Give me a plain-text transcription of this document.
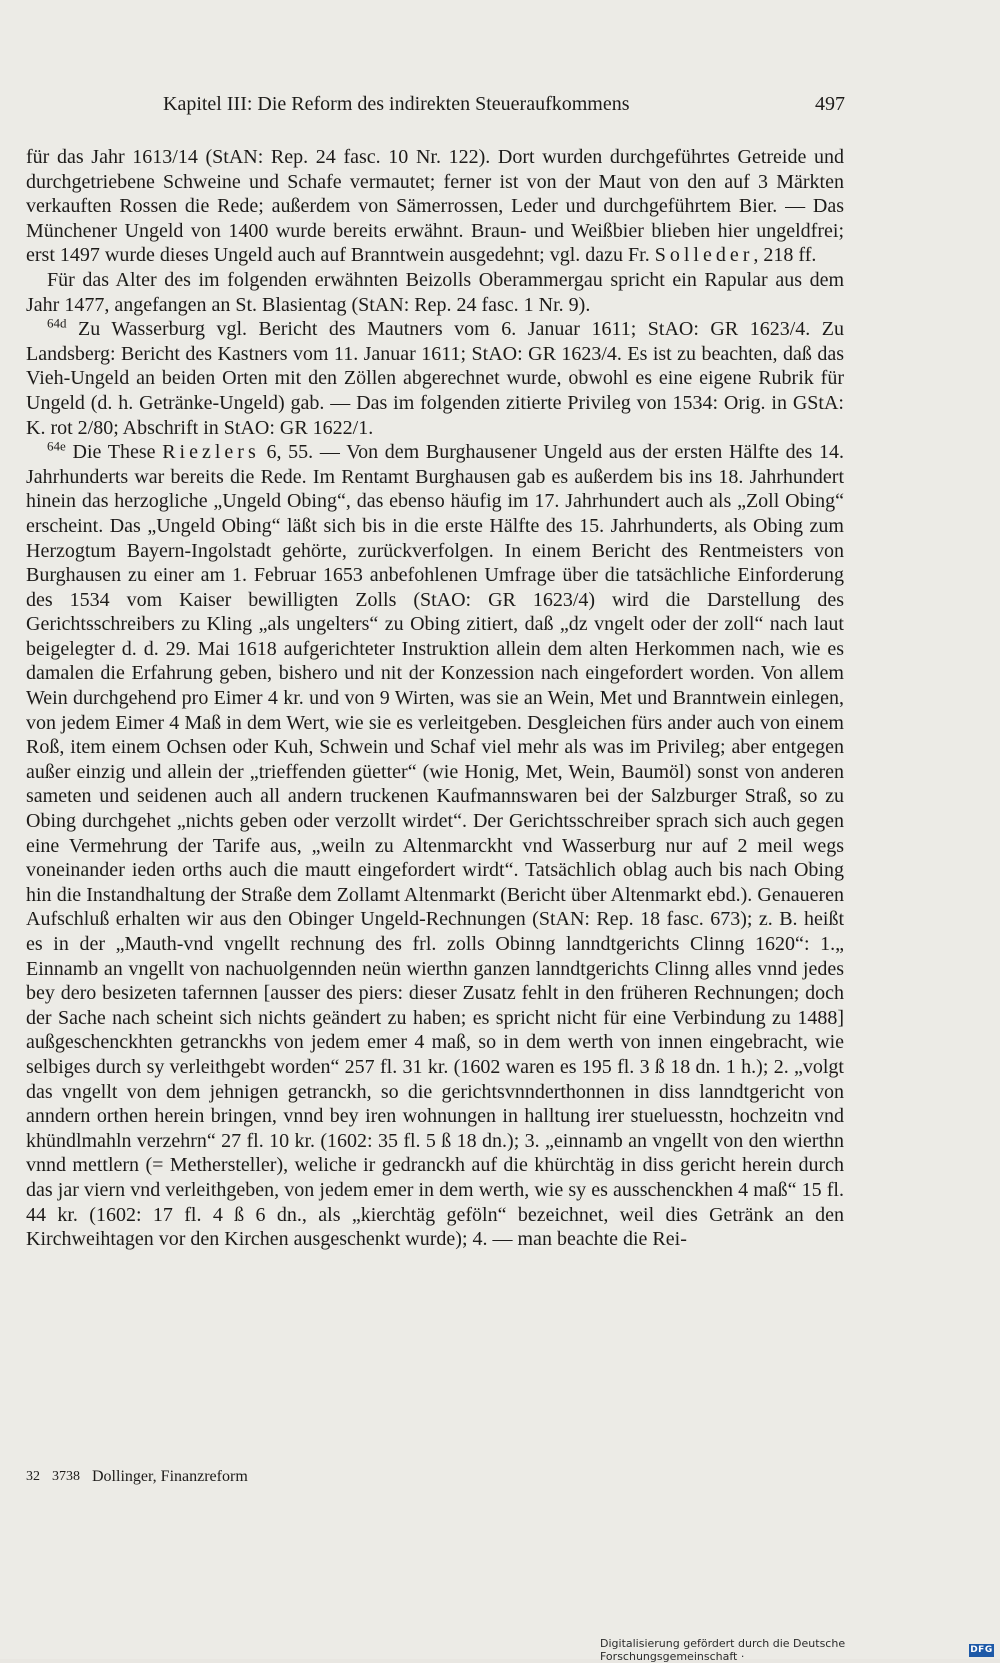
Kapitel III: Die Reform des indirekten Steueraufkommens	497

für das Jahr 1613/14 (StAN: Rep. 24 fasc. 10 Nr. 122). Dort wurden durchgeführtes Getreide und durchgetriebene Schweine und Schafe vermautet; ferner ist von der Maut von den auf 3 Märkten verkauften Rossen die Rede; außerdem von Sämerrossen, Leder und durchgeführtem Bier. — Das Münchener Ungeld von 1400 wurde bereits erwähnt. Braun- und Weißbier blieben hier ungeldfrei; erst 1497 wurde dieses Ungeld auch auf Branntwein ausgedehnt; vgl. dazu Fr. Solleder, 218 ff.

Für das Alter des im folgenden erwähnten Beizolls Oberammergau spricht ein Rapular aus dem Jahr 1477, angefangen an St. Blasientag (StAN: Rep. 24 fasc. 1 Nr. 9).

$^{64d}$ Zu Wasserburg vgl. Bericht des Mautners vom 6. Januar 1611; StAO: GR 1623/4. Zu Landsberg: Bericht des Kastners vom 11. Januar 1611; StAO: GR 1623/4. Es ist zu beachten, daß das Vieh-Ungeld an beiden Orten mit den Zöllen abgerechnet wurde, obwohl es eine eigene Rubrik für Ungeld (d. h. Getränke-Ungeld) gab. — Das im folgenden zitierte Privileg von 1534: Orig. in GStA: K. rot 2/80; Abschrift in StAO: GR 1622/1.

$^{64e}$ Die These Riezlers 6, 55. — Von dem Burghausener Ungeld aus der ersten Hälfte des 14. Jahrhunderts war bereits die Rede. Im Rentamt Burghausen gab es außerdem bis ins 18. Jahrhundert hinein das herzogliche „Ungeld Obing“, das ebenso häufig im 17. Jahrhundert auch als „Zoll Obing“ erscheint. Das „Ungeld Obing“ läßt sich bis in die erste Hälfte des 15. Jahrhunderts, als Obing zum Herzogtum Bayern-Ingolstadt gehörte, zurückverfolgen. In einem Bericht des Rentmeisters von Burghausen zu einer am 1. Februar 1653 anbefohlenen Umfrage über die tatsächliche Einforderung des 1534 vom Kaiser bewilligten Zolls (StAO: GR 1623/4) wird die Darstellung des Gerichtsschreibers zu Kling „als ungelters“ zu Obing zitiert, daß „dz vngelt oder der zoll“ nach laut beigelegter d. d. 29. Mai 1618 aufgerichteter Instruktion allein dem alten Herkommen nach, wie es damalen die Erfahrung geben, bishero und nit der Konzession nach eingefordert worden. Von allem Wein durchgehend pro Eimer 4 kr. und von 9 Wirten, was sie an Wein, Met und Branntwein einlegen, von jedem Eimer 4 Maß in dem Wert, wie sie es verleitgeben. Desgleichen fürs ander auch von einem Roß, item einem Ochsen oder Kuh, Schwein und Schaf viel mehr als was im Privileg; aber entgegen außer einzig und allein der „trieffenden güetter“ (wie Honig, Met, Wein, Baumöl) sonst von anderen sameten und seidenen auch all andern truckenen Kaufmannswaren bei der Salzburger Straß, so zu Obing durchgehet „nichts geben oder verzollt wirdet“. Der Gerichtsschreiber sprach sich auch gegen eine Vermehrung der Tarife aus, „weiln zu Altenmarckht vnd Wasserburg nur auf 2 meil wegs voneinander ieden orths auch die mautt eingefordert wirdt“. Tatsächlich oblag auch bis nach Obing hin die Instandhaltung der Straße dem Zollamt Altenmarkt (Bericht über Altenmarkt ebd.). Genaueren Aufschluß erhalten wir aus den Obinger Ungeld-Rechnungen (StAN: Rep. 18 fasc. 673); z. B. heißt es in der „Mauth-vnd vngellt rechnung des frl. zolls Obinng lanndtgerichts Clinng 1620“: 1.„ Einnamb an vngellt von nachuolgennden neün wierthn ganzen lanndtgerichts Clinng alles vnnd jedes bey dero besizeten tafernnen [ausser des piers: dieser Zusatz fehlt in den früheren Rechnungen; doch der Sache nach scheint sich nichts geändert zu haben; es spricht nicht für eine Verbindung zu 1488] außgeschenckhten getranckhs von jedem emer 4 maß, so in dem werth von innen eingebracht, wie selbiges durch sy verleithgebt worden“ 257 fl. 31 kr. (1602 waren es 195 fl. 3 ß 18 dn. 1 h.); 2. „volgt das vngellt von dem jehnigen getranckh, so die gerichtsvnnderthonnen in diss lanndtgericht von anndern orthen herein bringen, vnnd bey iren wohnungen in halltung irer stueluesstn, hochzeitn vnd khündlmahln verzehrn“ 27 fl. 10 kr. (1602: 35 fl. 5 ß 18 dn.); 3. „einnamb an vngellt von den wierthn vnnd mettlern (= Methersteller), weliche ir gedranckh auf die khürchtäg in diss gericht herein durch das jar viern vnd verleithgeben, von jedem emer in dem werth, wie sy es ausschenckhen 4 maß“ 15 fl. 44 kr. (1602: 17 fl. 4 ß 6 dn., als „kierchtäg geföln“ bezeichnet, weil dies Getränk an den Kirchweihtagen vor den Kirchen ausgeschenkt wurde); 4. — man beachte die Rei-

32 3738 Dollinger, Finanzreform
Digitalisierung gefördert durch die Deutsche Forschungsgemeinschaft ·	DFG
